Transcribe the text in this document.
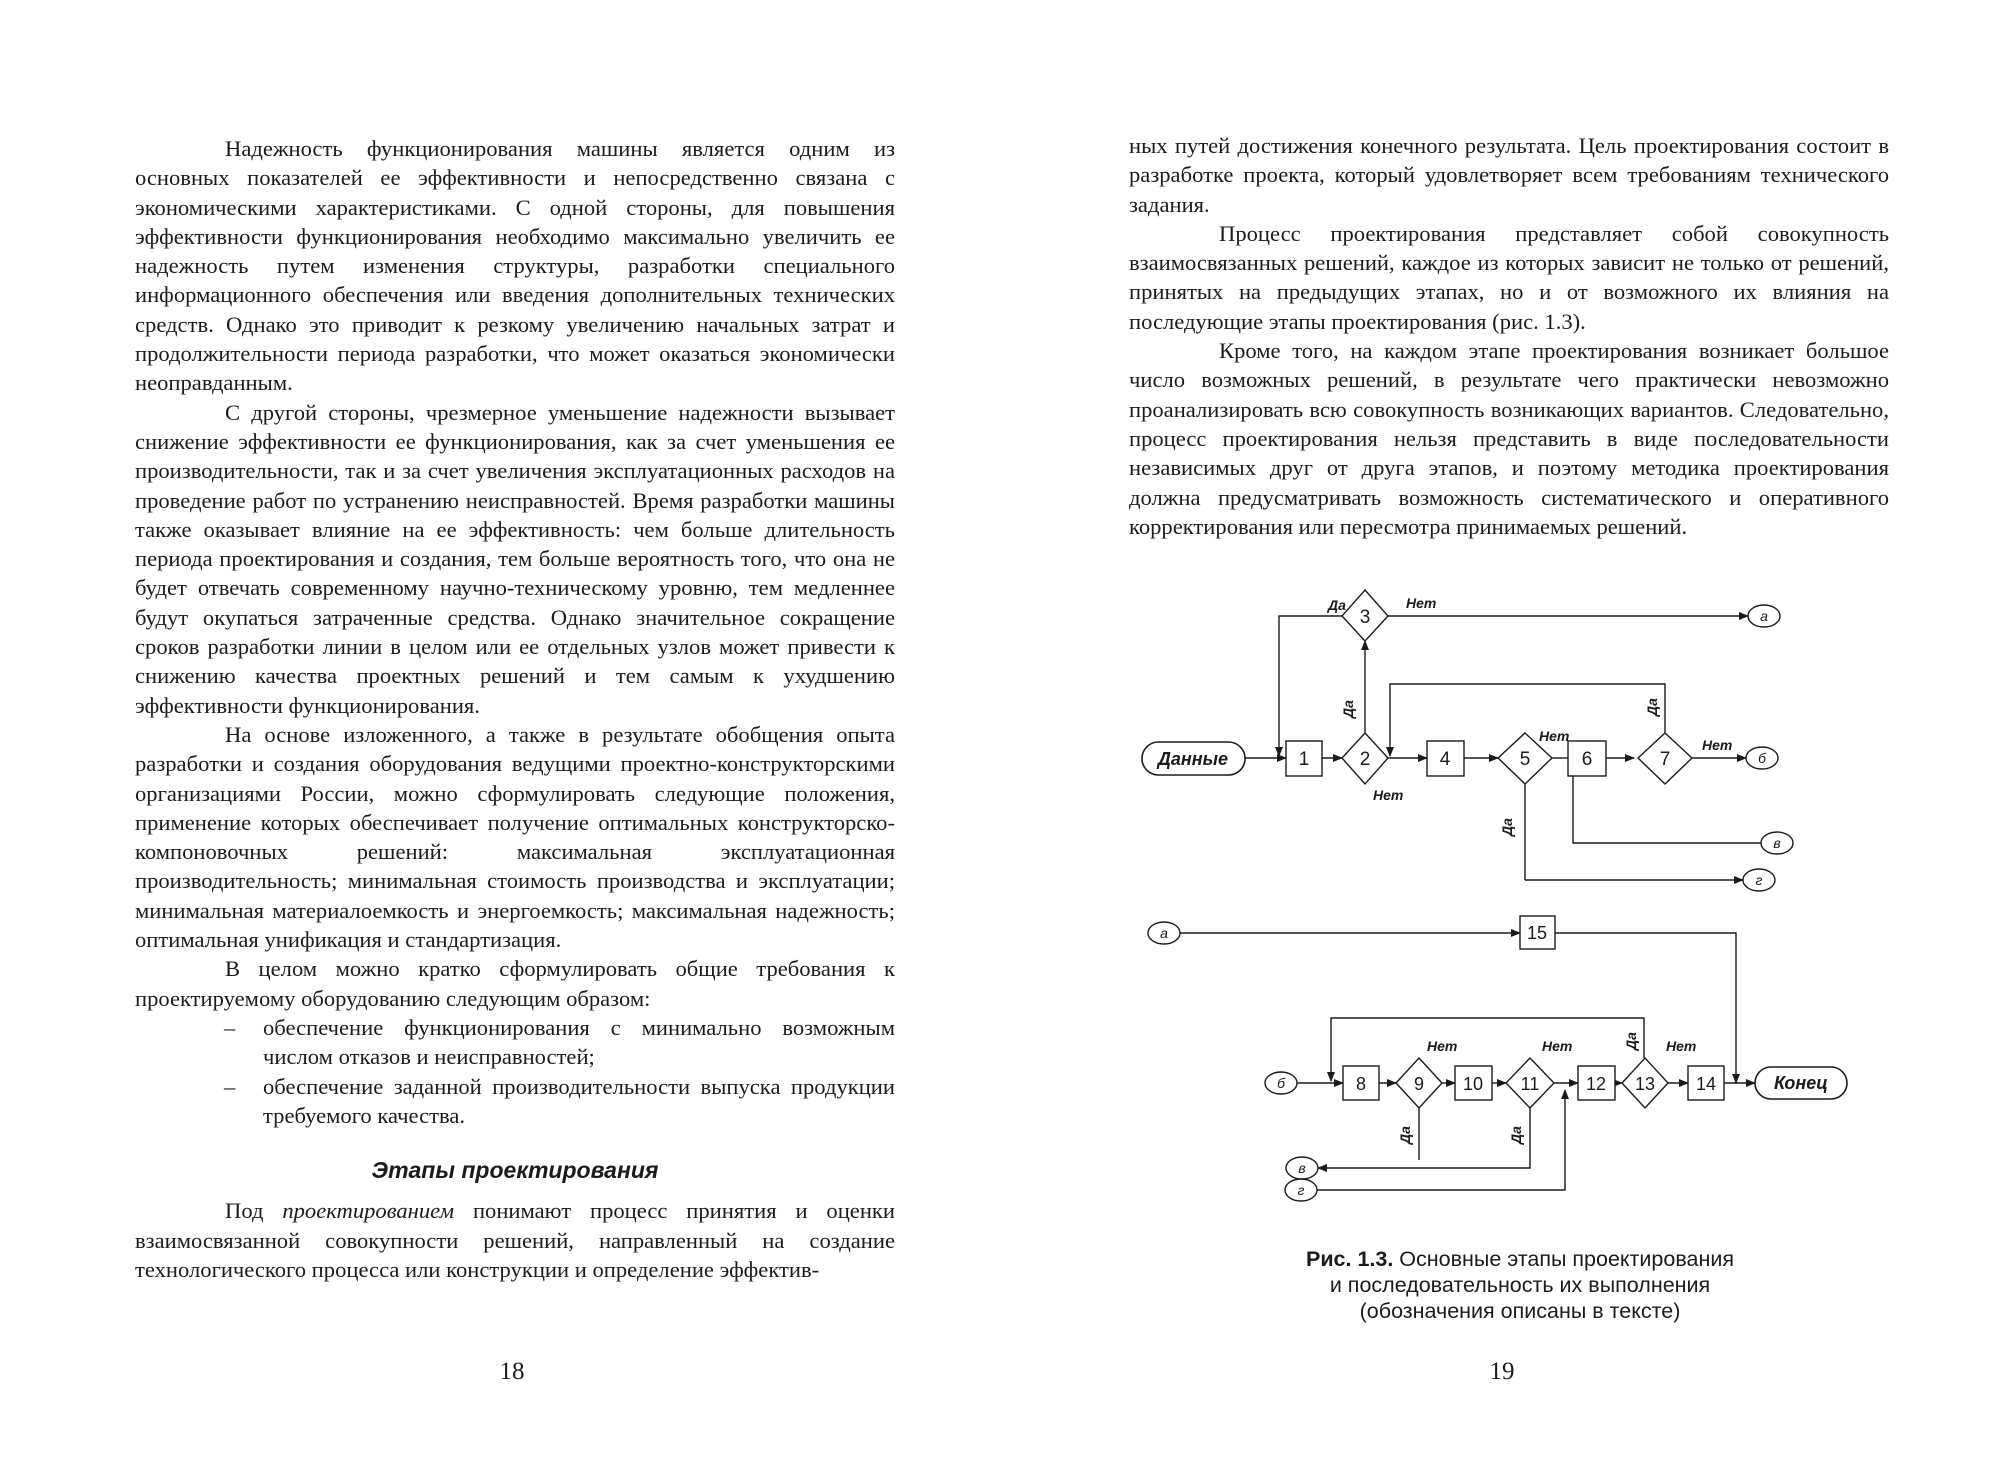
Надежность функционирования машины является одним из основных показателей ее эффективности и непосредственно связана с экономическими характеристиками. С одной стороны, для повышения эффективности функционирования необходимо максимально увеличить ее надежность путем изменения структуры, разработки специального информационного обеспечения или введения дополнительных технических средств. Однако это приводит к резкому увеличению начальных затрат и продолжительности периода разработки, что может оказаться экономически неоправданным.

С другой стороны, чрезмерное уменьшение надежности вызывает снижение эффективности ее функционирования, как за счет уменьшения ее производительности, так и за счет увеличения эксплуатационных расходов на проведение работ по устранению неисправностей. Время разработки машины также оказывает влияние на ее эффективность: чем больше длительность периода проектирования и создания, тем больше вероятность того, что она не будет отвечать современному научно-техническому уровню, тем медленнее будут окупаться затраченные средства. Однако значительное сокращение сроков разработки линии в целом или ее отдельных узлов может привести к снижению качества проектных решений и тем самым к ухудшению эффективности функционирования.

На основе изложенного, а также в результате обобщения опыта разработки и создания оборудования ведущими проектно-конструкторскими организациями России, можно сформулировать следующие положения, применение которых обеспечивает получение оптимальных конструкторско-компоновочных решений: максимальная эксплуатационная производительность; минимальная стоимость производства и эксплуатации; минимальная материалоемкость и энергоемкость; максимальная надежность; оптимальная унификация и стандартизация.

В целом можно кратко сформулировать общие требования к проектируемому оборудованию следующим образом:

– обеспечение функционирования с минимально возможным числом отказов и неисправностей;
– обеспечение заданной производительности выпуска продукции требуемого качества.
Этапы проектирования

Под проектированием понимают процесс принятия и оценки взаимосвязанной совокупности решений, направленный на создание технологического процесса или конструкции и определение эффектив-

18

ных путей достижения конечного результата. Цель проектирования состоит в разработке проекта, который удовлетворяет всем требованиям технического задания.

Процесс проектирования представляет собой совокупность взаимосвязанных решений, каждое из которых зависит не только от решений, принятых на предыдущих этапах, но и от возможного их влияния на последующие этапы проектирования (рис. 1.3).

Кроме того, на каждом этапе проектирования возникает большое число возможных решений, в результате чего практически невозможно проанализировать всю совокупность возникающих вариантов. Следовательно, процесс проектирования нельзя представить в виде последовательности независимых друг от друга этапов, и поэтому методика проектирования должна предусматривать возможность систематического и оперативного корректирования или пересмотра принимаемых решений.

Данные	1	2
3
4	5	6	7
а
б
в
г
Да	Нет
Да
Нет
Нет
Да
Да
Нет
15
8	9 10 11	12 13 14	Конец
а
б
в
г
Нет
Да
Нет
Да
Да Нет
Рис. 1.3. Основные этапы проектирования
и последовательность их выполнения
(обозначения описаны в тексте)
19
